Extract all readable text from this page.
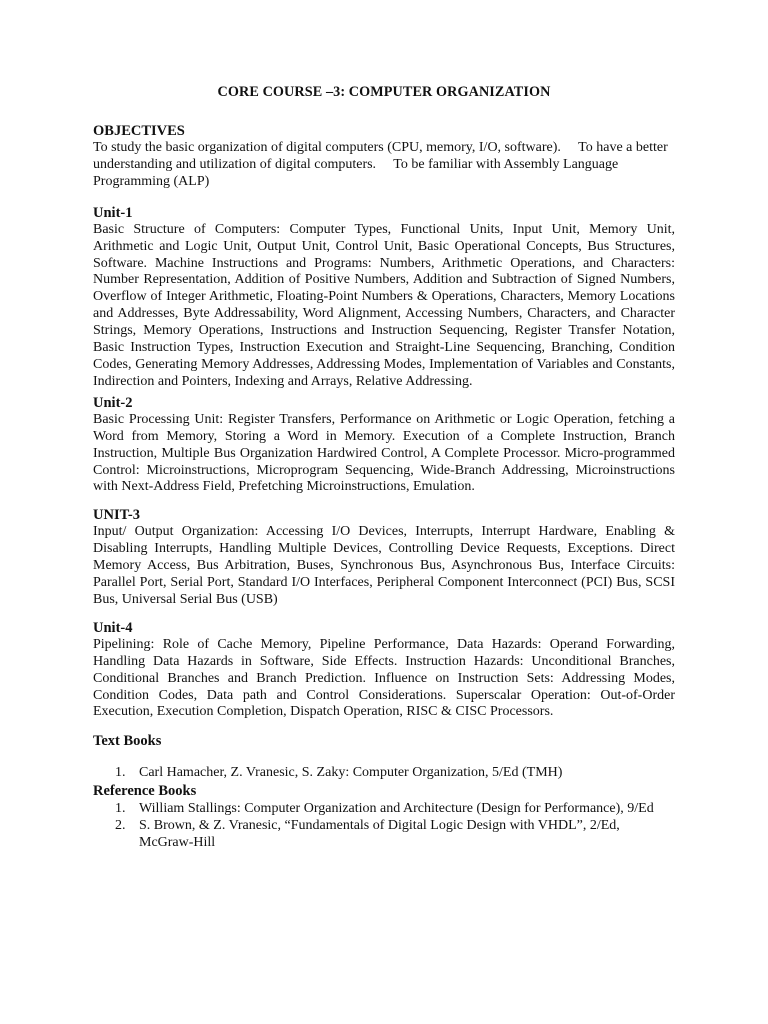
CORE COURSE –3: COMPUTER ORGANIZATION

OBJECTIVES

To study the basic organization of digital computers (CPU, memory, I/O, software).     To have a better understanding and utilization of digital computers.     To be familiar with Assembly Language Programming (ALP)

Unit-1

Basic Structure of Computers: Computer Types, Functional Units, Input Unit, Memory Unit, Arithmetic and Logic Unit, Output Unit, Control Unit, Basic Operational Concepts, Bus Structures, Software. Machine Instructions and Programs: Numbers, Arithmetic Operations, and Characters: Number Representation, Addition of Positive Numbers, Addition and Subtraction of Signed Numbers, Overflow of Integer Arithmetic, Floating-Point Numbers & Operations, Characters, Memory Locations and Addresses, Byte Addressability, Word Alignment, Accessing Numbers, Characters, and Character Strings, Memory Operations, Instructions and Instruction Sequencing, Register Transfer Notation, Basic Instruction Types, Instruction Execution and Straight-Line Sequencing, Branching, Condition Codes, Generating Memory Addresses, Addressing Modes, Implementation of Variables and Constants, Indirection and Pointers, Indexing and Arrays, Relative Addressing.

Unit-2

Basic Processing Unit: Register Transfers, Performance on Arithmetic or Logic Operation, fetching a Word from Memory, Storing a Word in Memory. Execution of a Complete Instruction, Branch Instruction, Multiple Bus Organization Hardwired Control, A Complete Processor. Micro-programmed Control: Microinstructions, Microprogram Sequencing, Wide-Branch Addressing, Microinstructions with Next-Address Field, Prefetching Microinstructions, Emulation.

UNIT-3

Input/ Output Organization: Accessing I/O Devices, Interrupts, Interrupt Hardware, Enabling & Disabling Interrupts, Handling Multiple Devices, Controlling Device Requests, Exceptions. Direct Memory Access, Bus Arbitration, Buses, Synchronous Bus, Asynchronous Bus, Interface Circuits: Parallel Port, Serial Port, Standard I/O Interfaces, Peripheral Component Interconnect (PCI) Bus, SCSI Bus, Universal Serial Bus (USB)

Unit-4

Pipelining: Role of Cache Memory, Pipeline Performance, Data Hazards: Operand Forwarding, Handling Data Hazards in Software, Side Effects. Instruction Hazards: Unconditional Branches, Conditional Branches and Branch Prediction. Influence on Instruction Sets: Addressing Modes, Condition Codes, Data path and Control Considerations. Superscalar Operation: Out-of-Order Execution, Execution Completion, Dispatch Operation, RISC & CISC Processors.

Text Books

1. Carl Hamacher, Z. Vranesic, S. Zaky: Computer Organization, 5/Ed (TMH)

Reference Books

1. William Stallings: Computer Organization and Architecture (Design for Performance), 9/Ed
2. S. Brown, & Z. Vranesic, “Fundamentals of Digital Logic Design with VHDL”, 2/Ed, McGraw-Hill
